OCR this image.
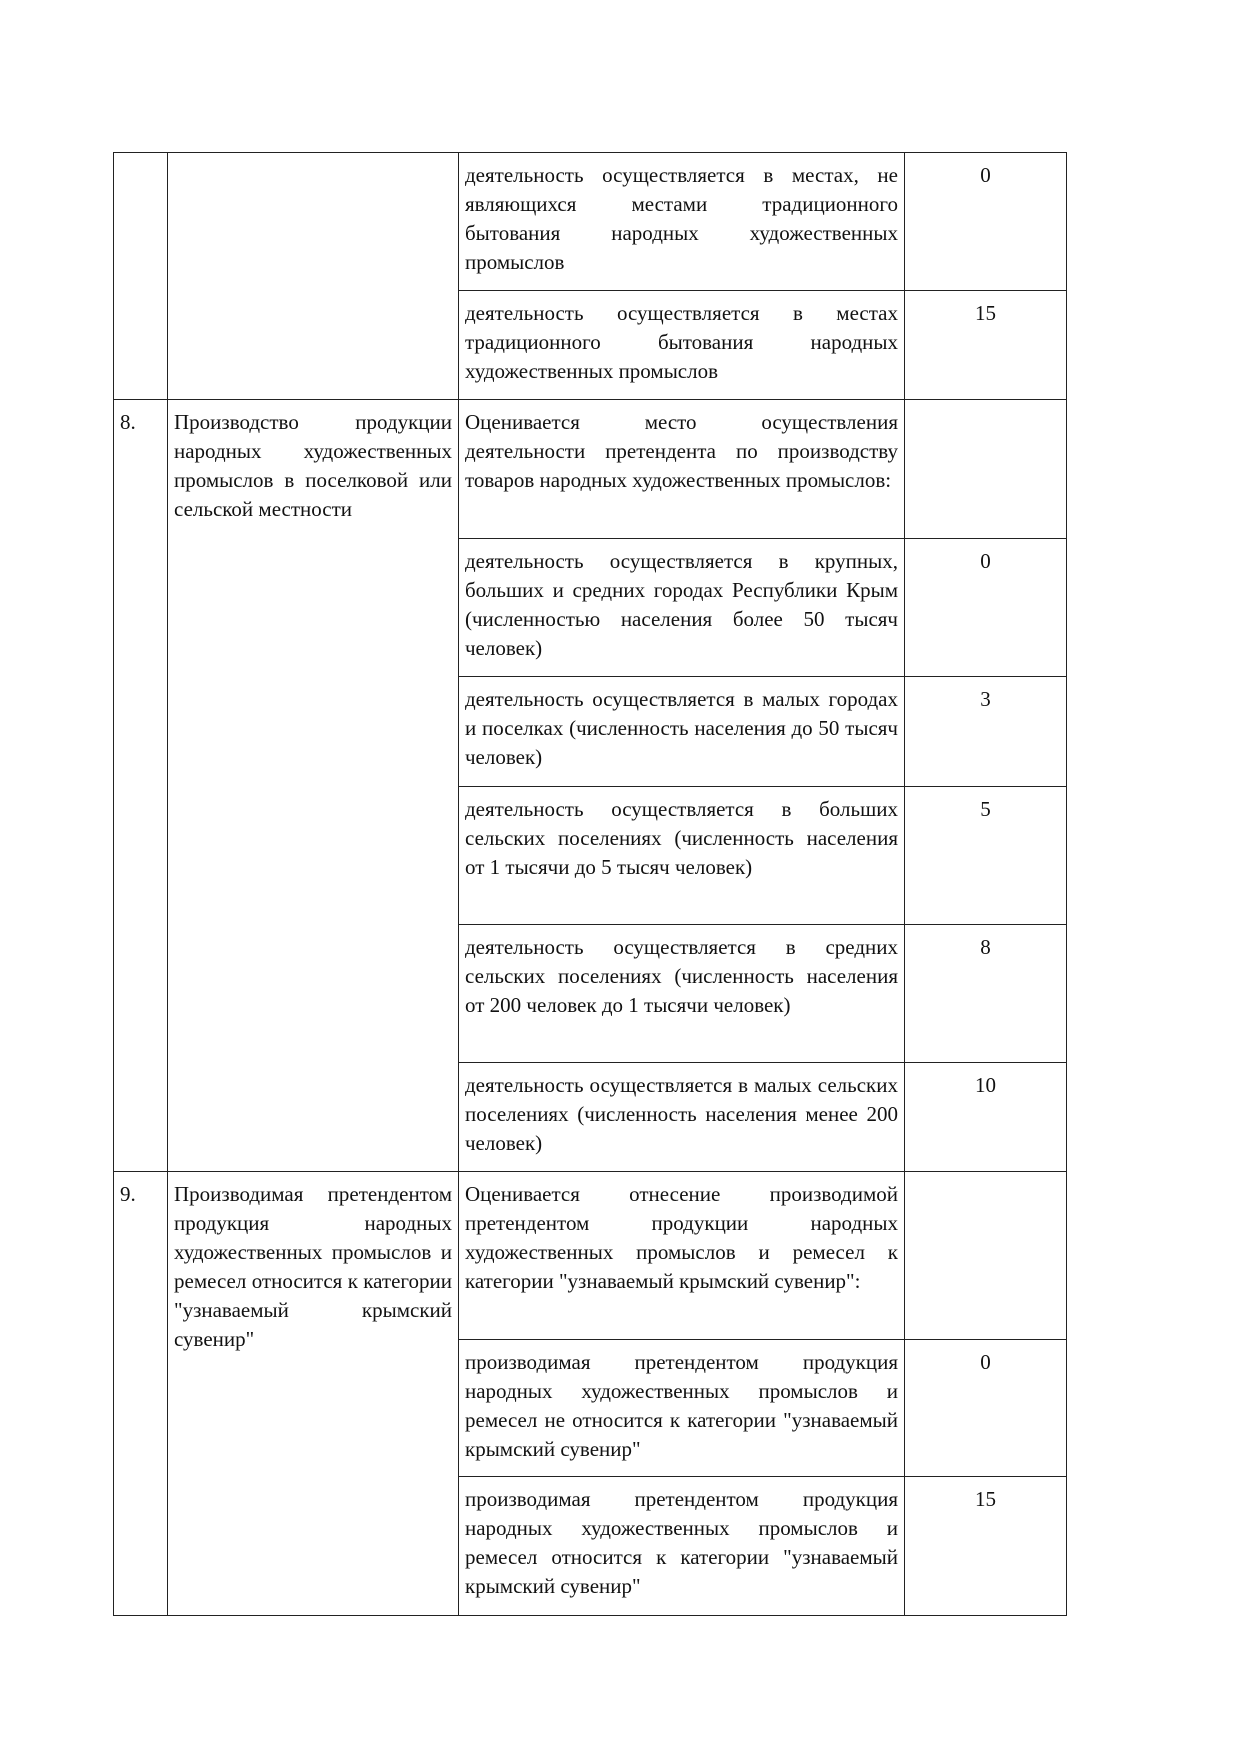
		деятельность осуществляется в местах, не являющихся местами традиционного бытования народных художественных промыслов	0
		деятельность осуществляется в местах традиционного бытования народных художественных промыслов	15
8.	Производство продукции народных художественных промыслов в поселковой или сельской местности	Оценивается место осуществления деятельности претендента по производству товаров народных художественных промыслов:	
		деятельность осуществляется в крупных, больших и средних городах Республики Крым (численностью населения более 50 тысяч человек)	0
		деятельность осуществляется в малых городах и поселках (численность населения до 50 тысяч человек)	3
		деятельность осуществляется в больших сельских поселениях (численность населения от 1 тысячи до 5 тысяч человек)	5
		деятельность осуществляется в средних сельских поселениях (численность населения от 200 человек до 1 тысячи человек)	8
		деятельность осуществляется в малых сельских поселениях (численность населения менее 200 человек)	10
9.	Производимая претендентом продукция народных художественных промыслов и ремесел относится к категории "узнаваемый крымский сувенир"	Оценивается отнесение производимой претендентом продукции народных художественных промыслов и ремесел к категории "узнаваемый крымский сувенир":	
		производимая претендентом продукция народных художественных промыслов и ремесел не относится к категории "узнаваемый крымский сувенир"	0
		производимая претендентом продукция народных художественных промыслов и ремесел относится к категории "узнаваемый крымский сувенир"	15
